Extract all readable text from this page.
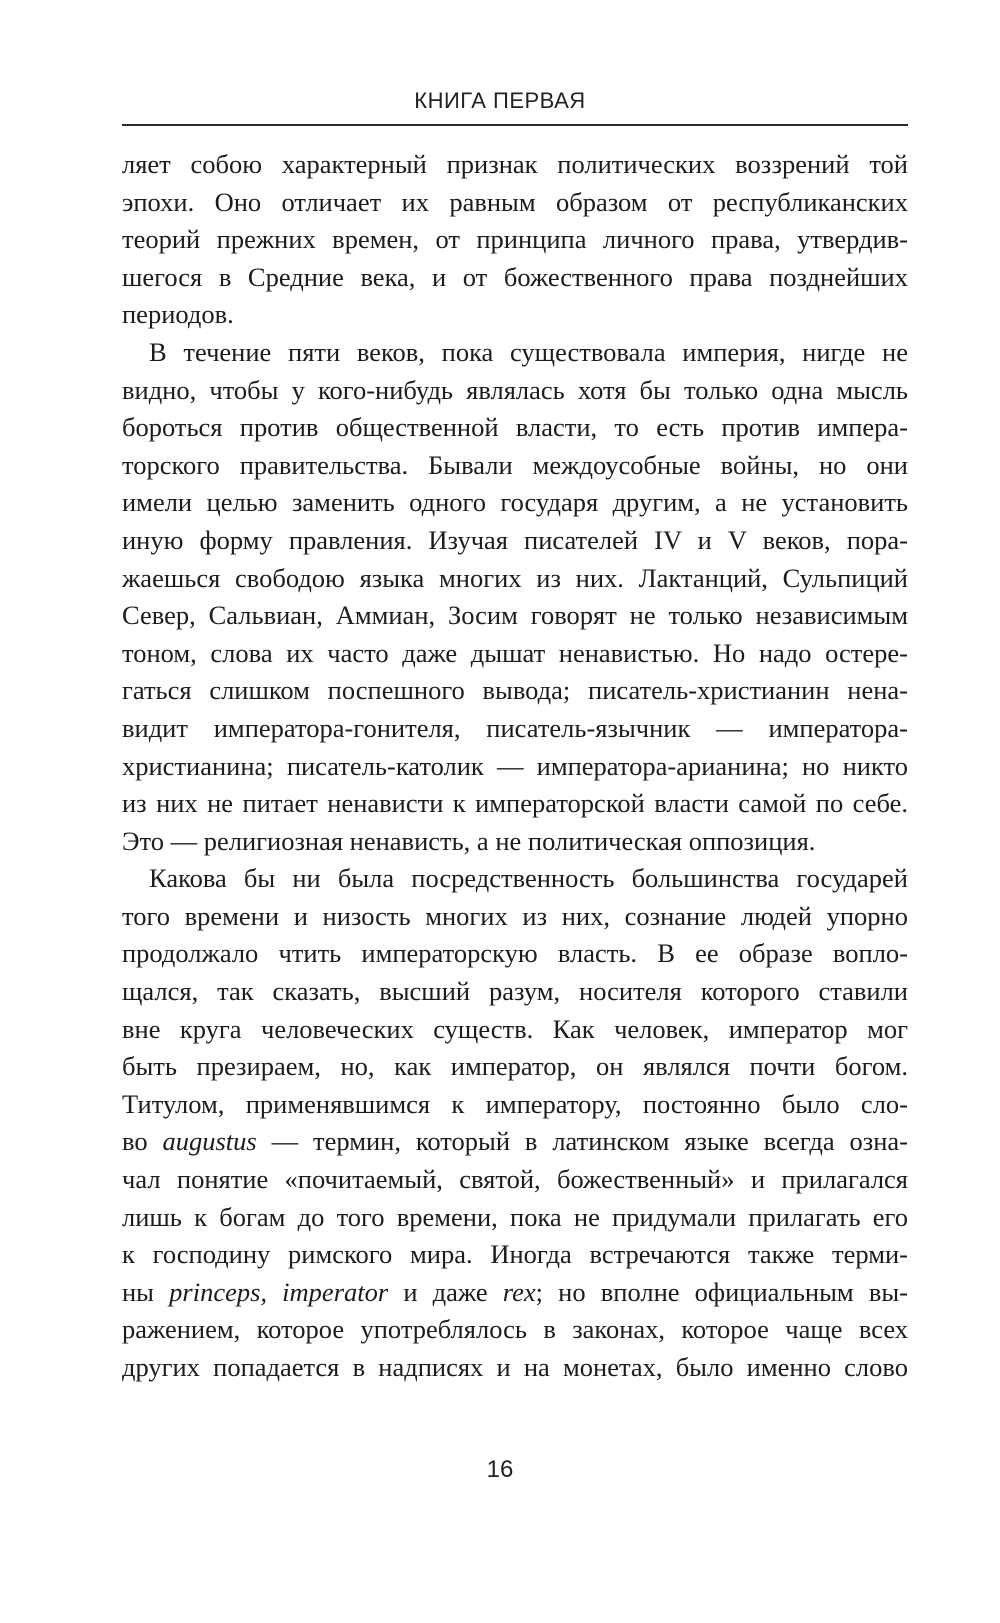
КНИГА ПЕРВАЯ
ляет собою характерный признак политических воззрений той
эпохи. Оно отличает их равным образом от республиканских
теорий прежних времен, от принципа личного права, утвердив-
шегося в Средние века, и от божественного права позднейших
периодов.
В течение пяти веков, пока существовала империя, нигде не
видно, чтобы у кого-нибудь являлась хотя бы только одна мысль
бороться против общественной власти, то есть против импера-
торского правительства. Бывали междоусобные войны, но они
имели целью заменить одного государя другим, а не установить
иную форму правления. Изучая писателей IV и V веков, пора-
жаешься свободою языка многих из них. Лактанций, Сульпиций
Север, Сальвиан, Аммиан, Зосим говорят не только независимым
тоном, слова их часто даже дышат ненавистью. Но надо остере-
гаться слишком поспешного вывода; писатель-христианин нена-
видит императора-гонителя, писатель-язычник — императора-
христианина; писатель-католик — императора-арианина; но никто
из них не питает ненависти к императорской власти самой по себе.
Это — религиозная ненависть, а не политическая оппозиция.
Какова бы ни была посредственность большинства государей
того времени и низость многих из них, сознание людей упорно
продолжало чтить императорскую власть. В ее образе вопло-
щался, так сказать, высший разум, носителя которого ставили
вне круга человеческих существ. Как человек, император мог
быть презираем, но, как император, он являлся почти богом.
Титулом, применявшимся к императору, постоянно было сло-
во augustus — термин, который в латинском языке всегда озна-
чал понятие «почитаемый, святой, божественный» и прилагался
лишь к богам до того времени, пока не придумали прилагать его
к господину римского мира. Иногда встречаются также терми-
ны princeps, imperator и даже rex; но вполне официальным вы-
ражением, которое употреблялось в законах, которое чаще всех
других попадается в надписях и на монетах, было именно слово
16
